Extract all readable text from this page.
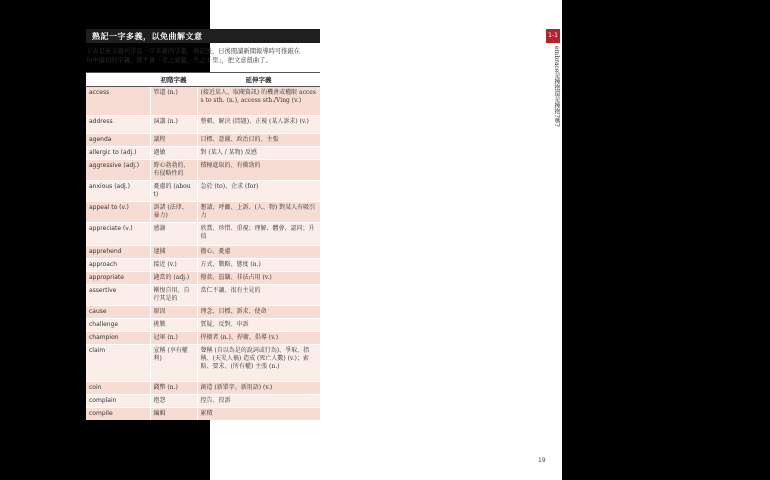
熟記一字多義，以免曲解文意
下表是英美報刊常見一字多義的字彙，熟記後，日後閱讀新聞報導時可推敲在
句中適切的字義，就不會「差之毫釐，失之千里」，把文意扭曲了。
	初階字義	延伸字義
access	管道 (n.)	(接近某人、取閱資訊) 的機會或權限 access to sth. (n.), access sth./Ving (v.)
address	演講 (n.)	整頓、解決 (問題)、正視 (某人訴求) (v.)
agenda	議程	目標、意圖、政治目的、主張
allergic to (adj.)	過敏	對 (某人 / 某物) 反感
aggressive (adj.)	野心勃勃的、有侵略性的	積極進取的、有衝勁的
anxious (adj.)	憂慮的 (about)	急於 (to)、企求 (for)
appeal to (v.)	訴諸 (法律、暴力)	懇請、呼籲、上訴、(人、物) 對某人有吸引力
appreciate (v.)	感謝	欣賞、珍惜、重視；理解、體會、認同；升值
apprehend	逮捕	擔心、憂慮
approach	接近 (v.)	方式、戰略、態度 (n.)
appropriate	適當的 (adj.)	撥款、盜竊、非法占用 (v.)
assertive	剛愎自用、自行其是的	當仁不讓、很有主見的
cause	原因	理念、目標、訴求、使命
challenge	挑戰	質疑、反對、申訴
champion	冠軍 (n.)	捍衛者 (n.)、捍衛、倡導 (v.)
claim	宣稱 (享有權利)	聲稱 (自以為是的說詞或行為)、爭取、指稱、(天災人禍) 造成 (死亡人數) (v.)；索賠、要求、(所有權) 主張 (n.)
coin	錢幣 (n.)	創造 (新單字、新用語) (v.)
complain	抱怨	控告、投訴
compile	編輯	累積
1-1
embrace是擁抱還是擁抱?嗎?
19
